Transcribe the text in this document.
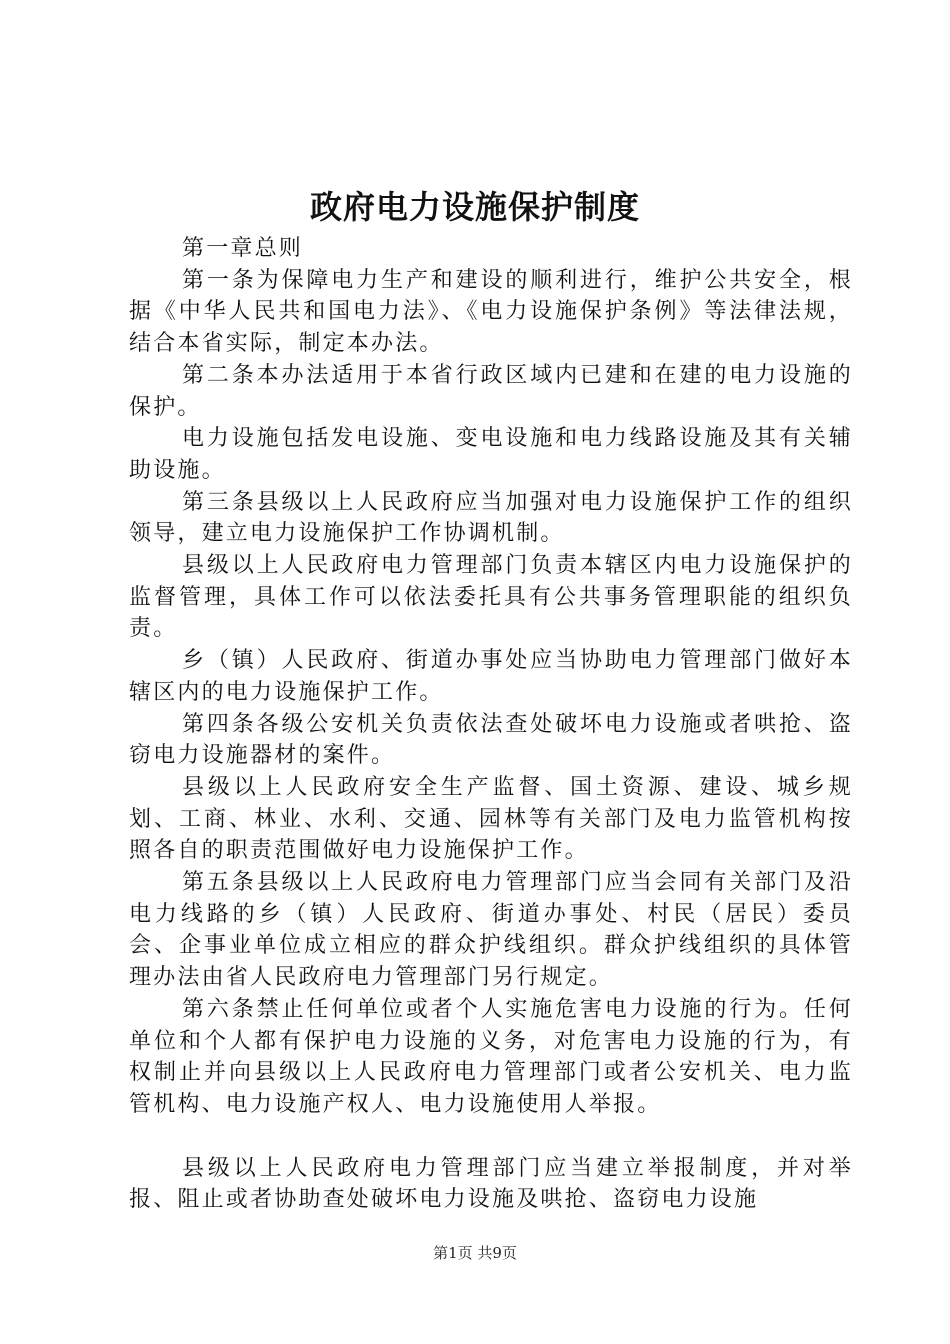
政府电力设施保护制度

第一章总则

第一条为保障电力生产和建设的顺利进行，维护公共安全，根据《中华人民共和国电力法》、《电力设施保护条例》等法律法规，结合本省实际，制定本办法。

第二条本办法适用于本省行政区域内已建和在建的电力设施的保护。

电力设施包括发电设施、变电设施和电力线路设施及其有关辅助设施。

第三条县级以上人民政府应当加强对电力设施保护工作的组织领导，建立电力设施保护工作协调机制。

县级以上人民政府电力管理部门负责本辖区内电力设施保护的监督管理，具体工作可以依法委托具有公共事务管理职能的组织负责。

乡（镇）人民政府、街道办事处应当协助电力管理部门做好本辖区内的电力设施保护工作。

第四条各级公安机关负责依法查处破坏电力设施或者哄抢、盗窃电力设施器材的案件。

县级以上人民政府安全生产监督、国土资源、建设、城乡规划、工商、林业、水利、交通、园林等有关部门及电力监管机构按照各自的职责范围做好电力设施保护工作。

第五条县级以上人民政府电力管理部门应当会同有关部门及沿电力线路的乡（镇）人民政府、街道办事处、村民（居民）委员会、企事业单位成立相应的群众护线组织。群众护线组织的具体管理办法由省人民政府电力管理部门另行规定。

第六条禁止任何单位或者个人实施危害电力设施的行为。任何单位和个人都有保护电力设施的义务，对危害电力设施的行为，有权制止并向县级以上人民政府电力管理部门或者公安机关、电力监管机构、电力设施产权人、电力设施使用人举报。

县级以上人民政府电力管理部门应当建立举报制度，并对举报、阻止或者协助查处破坏电力设施及哄抢、盗窃电力设施

第1页 共9页
